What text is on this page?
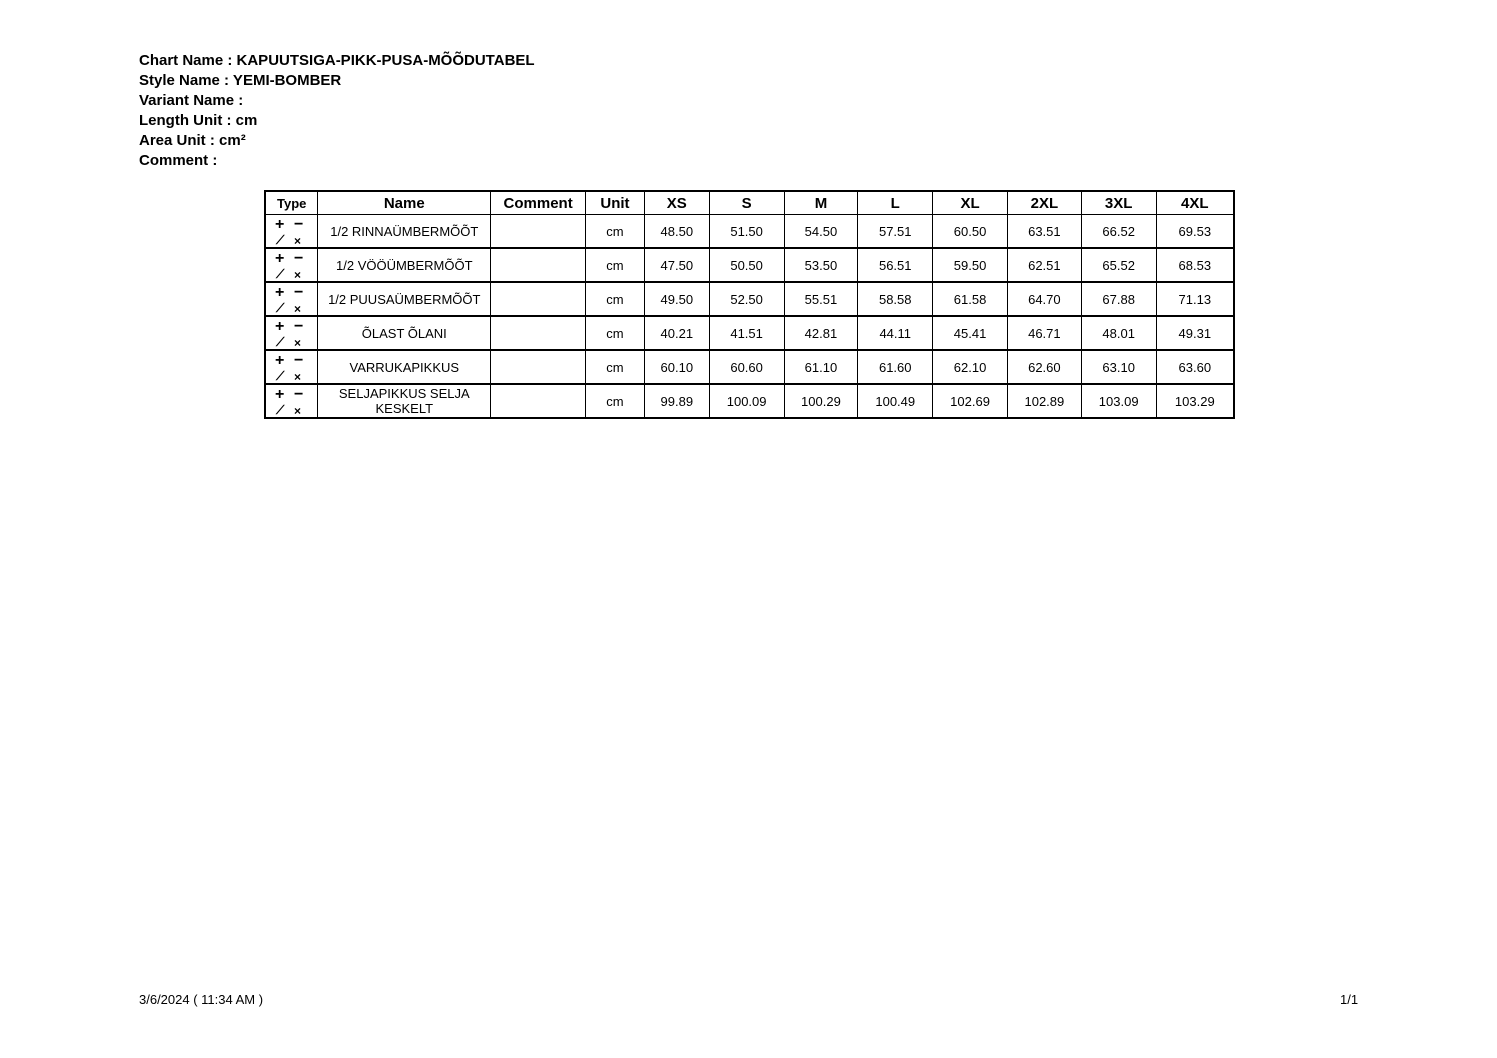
Chart Name : KAPUUTSIGA-PIKK-PUSA-MÕÕDUTABEL
Style Name : YEMI-BOMBER
Variant Name :
Length Unit : cm
Area Unit : cm²
Comment :
Type	Name	Comment	Unit	XS	S	M	L	XL	2XL	3XL	4XL

+ −
⟋ ×	1/2 RINNAÜMBERMÕÕT		cm	48.50	51.50	54.50	57.51	60.50	63.51	66.52	69.53

+ −
⟋ ×	1/2 VÖÖÜMBERMÕÕT		cm	47.50	50.50	53.50	56.51	59.50	62.51	65.52	68.53

+ −
⟋ ×	1/2 PUUSAÜMBERMÕÕT		cm	49.50	52.50	55.51	58.58	61.58	64.70	67.88	71.13

+ −
⟋ ×	ÕLAST ÕLANI		cm	40.21	41.51	42.81	44.11	45.41	46.71	48.01	49.31

+ −
⟋ ×	VARRUKAPIKKUS		cm	60.10	60.60	61.10	61.60	62.10	62.60	63.10	63.60

+ −
⟋ ×	SELJAPIKKUS SELJA KESKELT		cm	99.89	100.09	100.29	100.49	102.69	102.89	103.09	103.29
3/6/2024 ( 11:34 AM )	1/1
